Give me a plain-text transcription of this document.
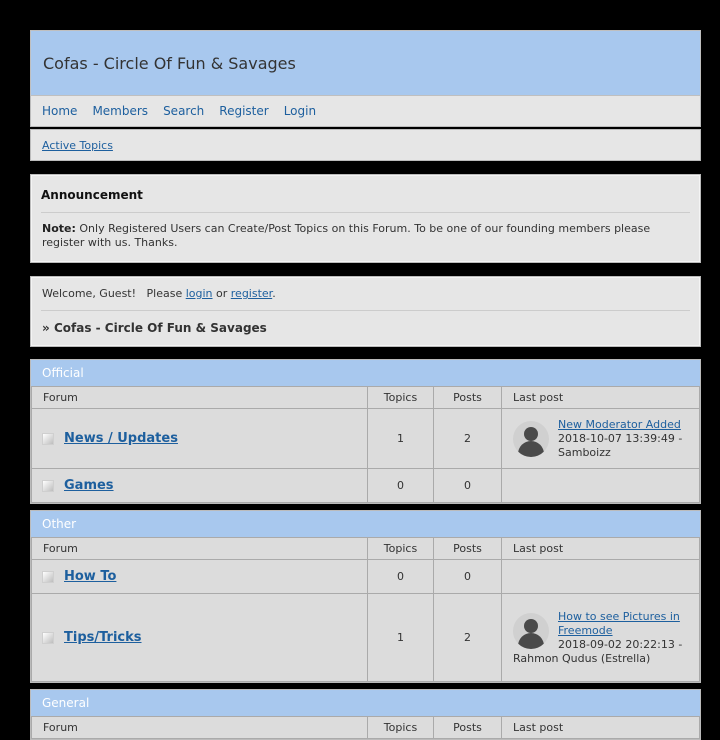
Cofas - Circle Of Fun & Savages
Home Members Search Register Login
Active Topics
Announcement
Note: Only Registered Users can Create/Post Topics on this Forum. To be one of our founding members please register with us. Thanks.
Welcome, Guest!   Please login or register.
» Cofas - Circle Of Fun & Savages
Official
Forum	Topics	Posts	Last post
News / Updates	1	2	New Moderator Added
2018-10-07 13:39:49 - Samboizz
Games	0	0	
Other
Forum	Topics	Posts	Last post
How To	0	0	
Tips/Tricks	1	2	How to see Pictures in Freemode
2018-09-02 20:22:13 - Rahmon Qudus (Estrella)
General
Forum	Topics	Posts	Last post
